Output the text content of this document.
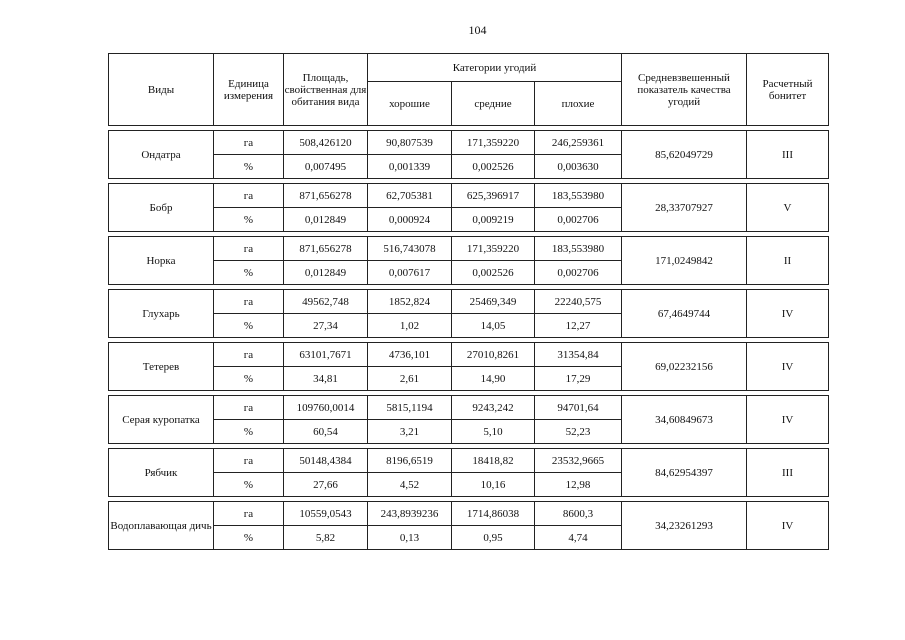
104
Виды	Единица измерения	Площадь, свойственная для обитания вида	Категории угодий			Средневзвешенный показатель качества угодий	Расчетный бонитет
			хорошие	средние	плохие		

Ондатра	га	508,426120	90,807539	171,359220	246,259361	85,62049729	III
	%	0,007495	0,001339	0,002526	0,003630		

Бобр	га	871,656278	62,705381	625,396917	183,553980	28,33707927	V
	%	0,012849	0,000924	0,009219	0,002706		

Норка	га	871,656278	516,743078	171,359220	183,553980	171,0249842	II
	%	0,012849	0,007617	0,002526	0,002706		

Глухарь	га	49562,748	1852,824	25469,349	22240,575	67,4649744	IV
	%	27,34	1,02	14,05	12,27		

Тетерев	га	63101,7671	4736,101	27010,8261	31354,84	69,02232156	IV
	%	34,81	2,61	14,90	17,29		

Серая куропатка	га	109760,0014	5815,1194	9243,242	94701,64	34,60849673	IV
	%	60,54	3,21	5,10	52,23		

Рябчик	га	50148,4384	8196,6519	18418,82	23532,9665	84,62954397	III
	%	27,66	4,52	10,16	12,98		

Водоплавающая дичь	га	10559,0543	243,8939236	1714,86038	8600,3	34,23261293	IV
	%	5,82	0,13	0,95	4,74		
